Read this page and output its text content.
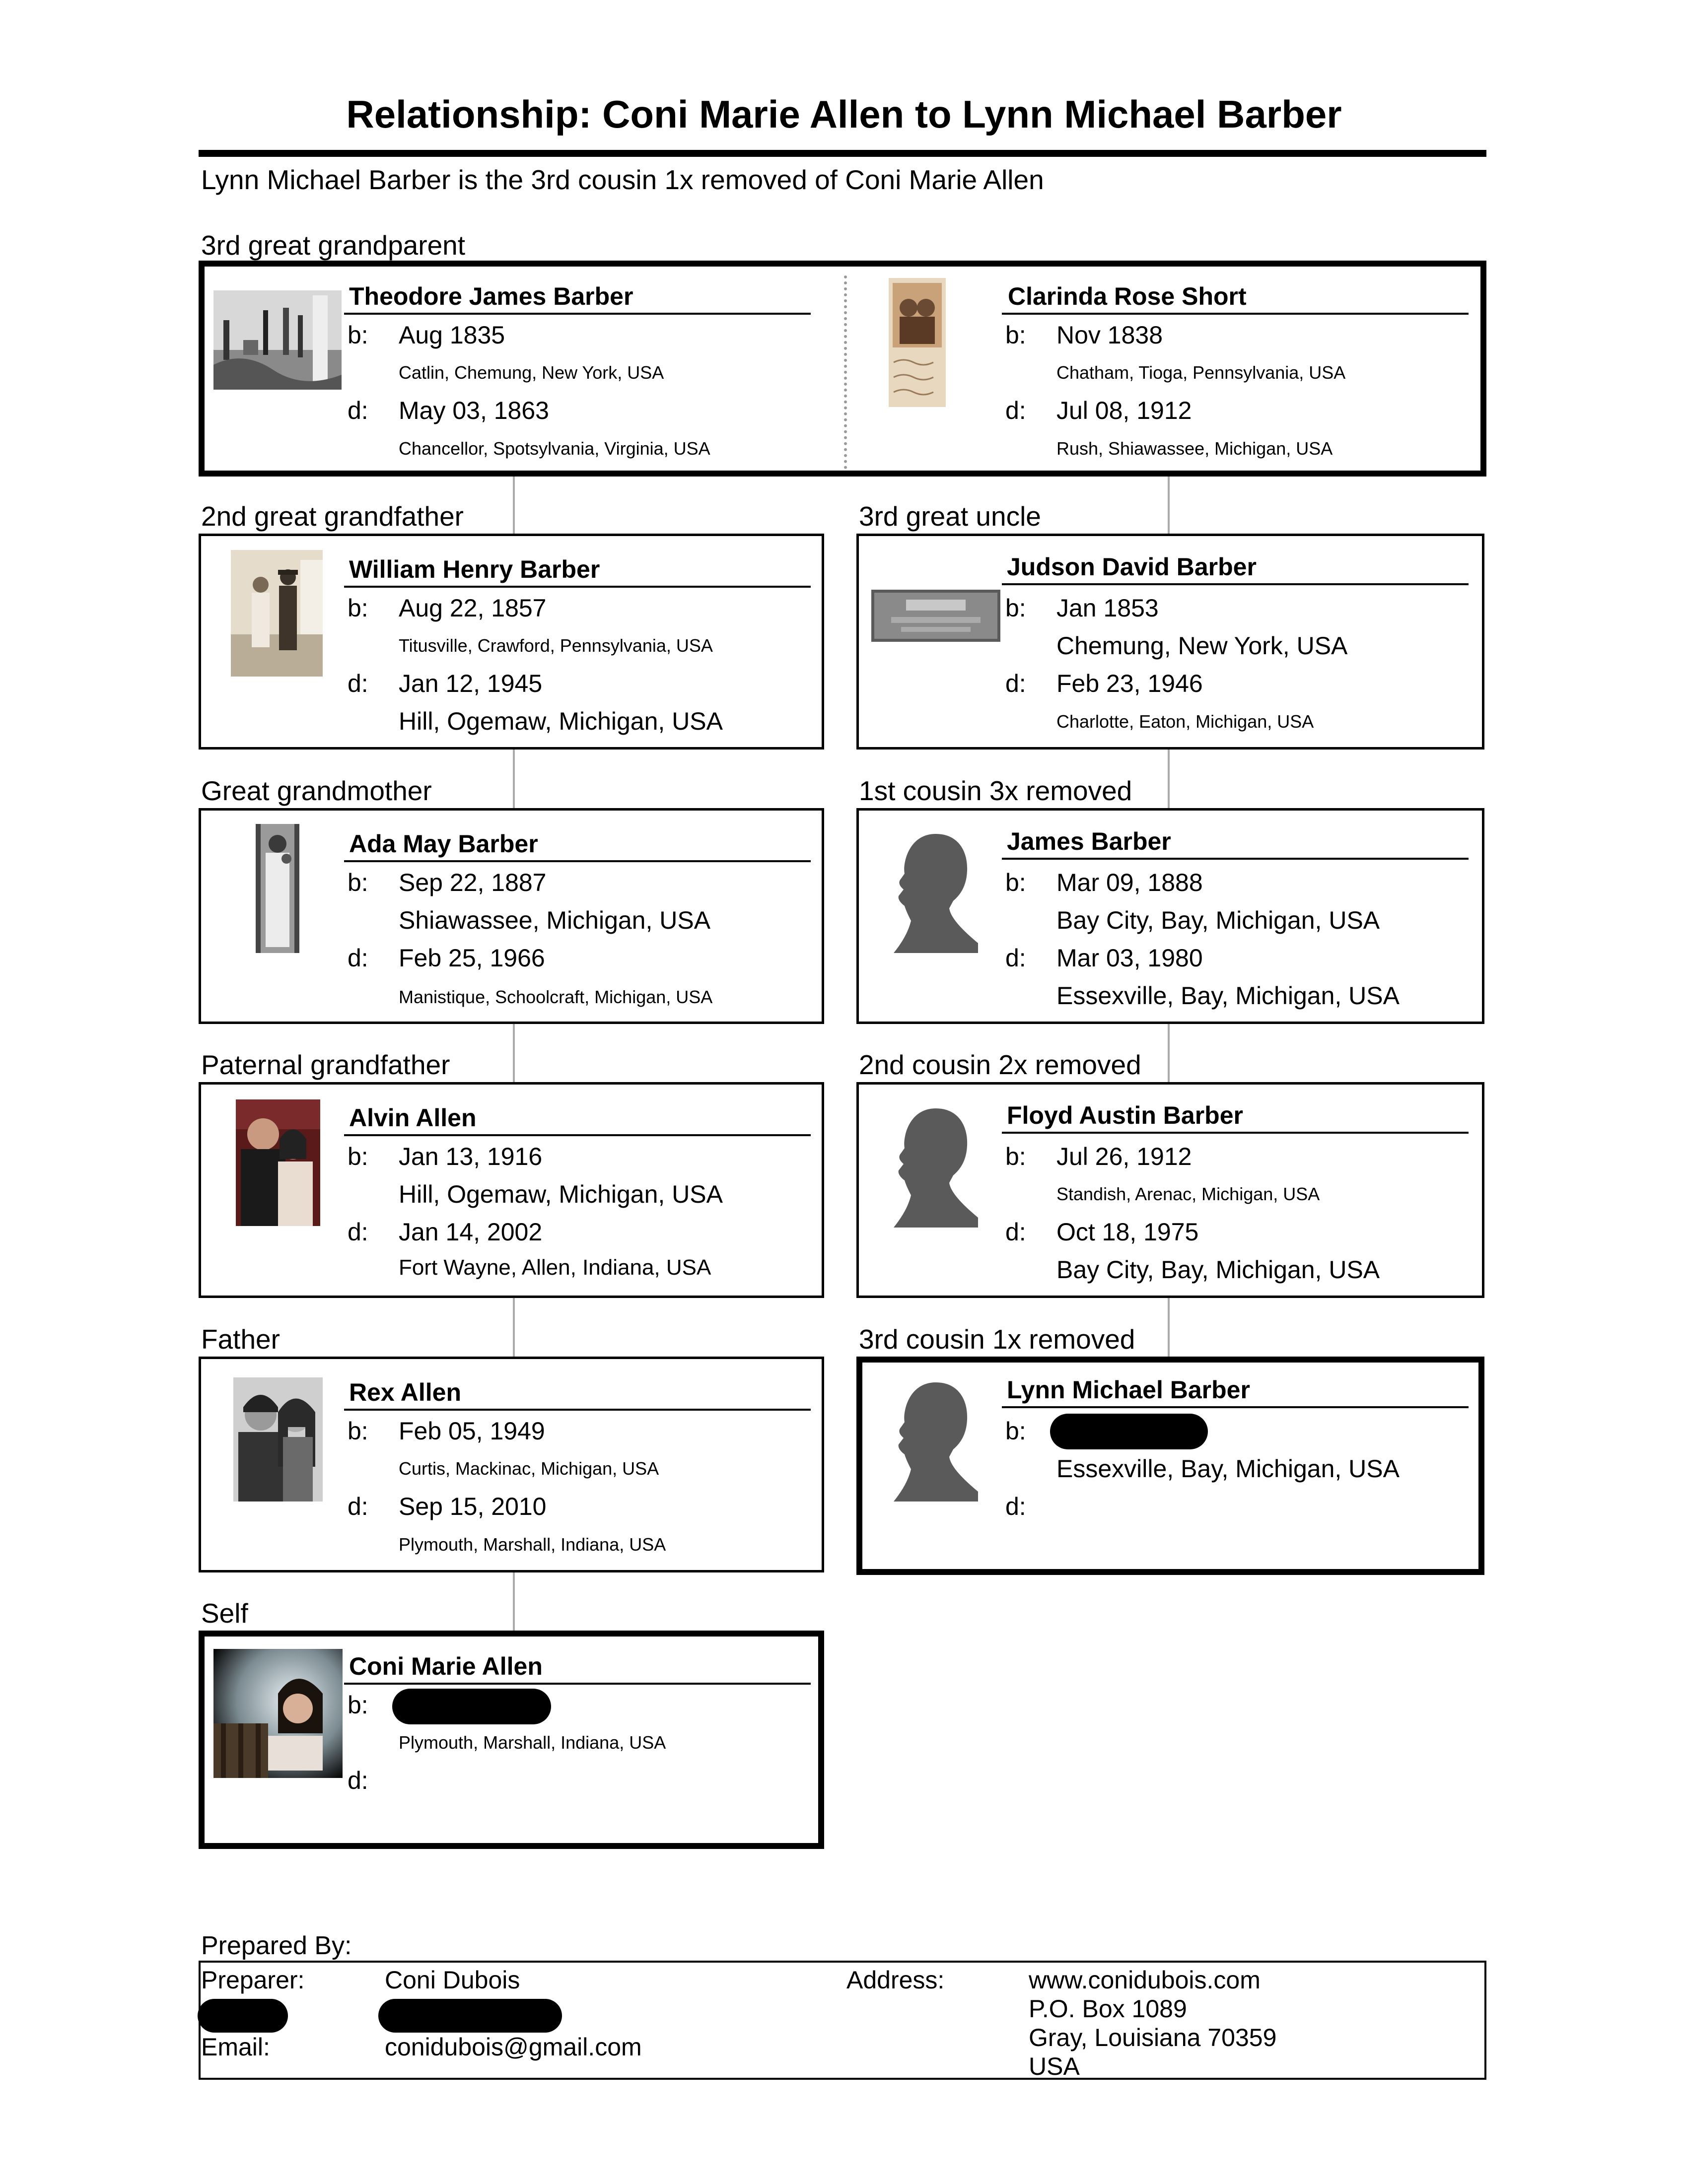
Relationship: Coni Marie Allen to Lynn Michael Barber
Lynn Michael Barber is the 3rd cousin 1x removed of Coni Marie Allen
3rd great grandparent
Theodore James Barber
b: Aug 1835
Catlin, Chemung, New York, USA
d: May 03, 1863
Chancellor, Spotsylvania, Virginia, USA
Clarinda Rose Short
b: Nov 1838
Chatham, Tioga, Pennsylvania, USA
d: Jul 08, 1912
Rush, Shiawassee, Michigan, USA
2nd great grandfather
William Henry Barber
b: Aug 22, 1857
Titusville, Crawford, Pennsylvania, USA
d: Jan 12, 1945
Hill, Ogemaw, Michigan, USA
Great grandmother
Ada May Barber
b: Sep 22, 1887
Shiawassee, Michigan, USA
d: Feb 25, 1966
Manistique, Schoolcraft, Michigan, USA
Paternal grandfather
Alvin Allen
b: Jan 13, 1916
Hill, Ogemaw, Michigan, USA
d: Jan 14, 2002
Fort Wayne, Allen, Indiana, USA
Father
Rex Allen
b: Feb 05, 1949
Curtis, Mackinac, Michigan, USA
d: Sep 15, 2010
Plymouth, Marshall, Indiana, USA
Self
Coni Marie Allen
b:
Plymouth, Marshall, Indiana, USA
d:
3rd great uncle
Judson David Barber
b: Jan 1853
Chemung, New York, USA
d: Feb 23, 1946
Charlotte, Eaton, Michigan, USA
1st cousin 3x removed
James Barber
b: Mar 09, 1888
Bay City, Bay, Michigan, USA
d: Mar 03, 1980
Essexville, Bay, Michigan, USA
2nd cousin 2x removed
Floyd Austin Barber
b: Jul 26, 1912
Standish, Arenac, Michigan, USA
d: Oct 18, 1975
Bay City, Bay, Michigan, USA
3rd cousin 1x removed
Lynn Michael Barber
b:
Essexville, Bay, Michigan, USA
d:
Prepared By:
Preparer:	Coni Dubois
Email:	conidubois@gmail.com
Address:	www.conidubois.com
P.O. Box 1089
Gray, Louisiana 70359
USA
